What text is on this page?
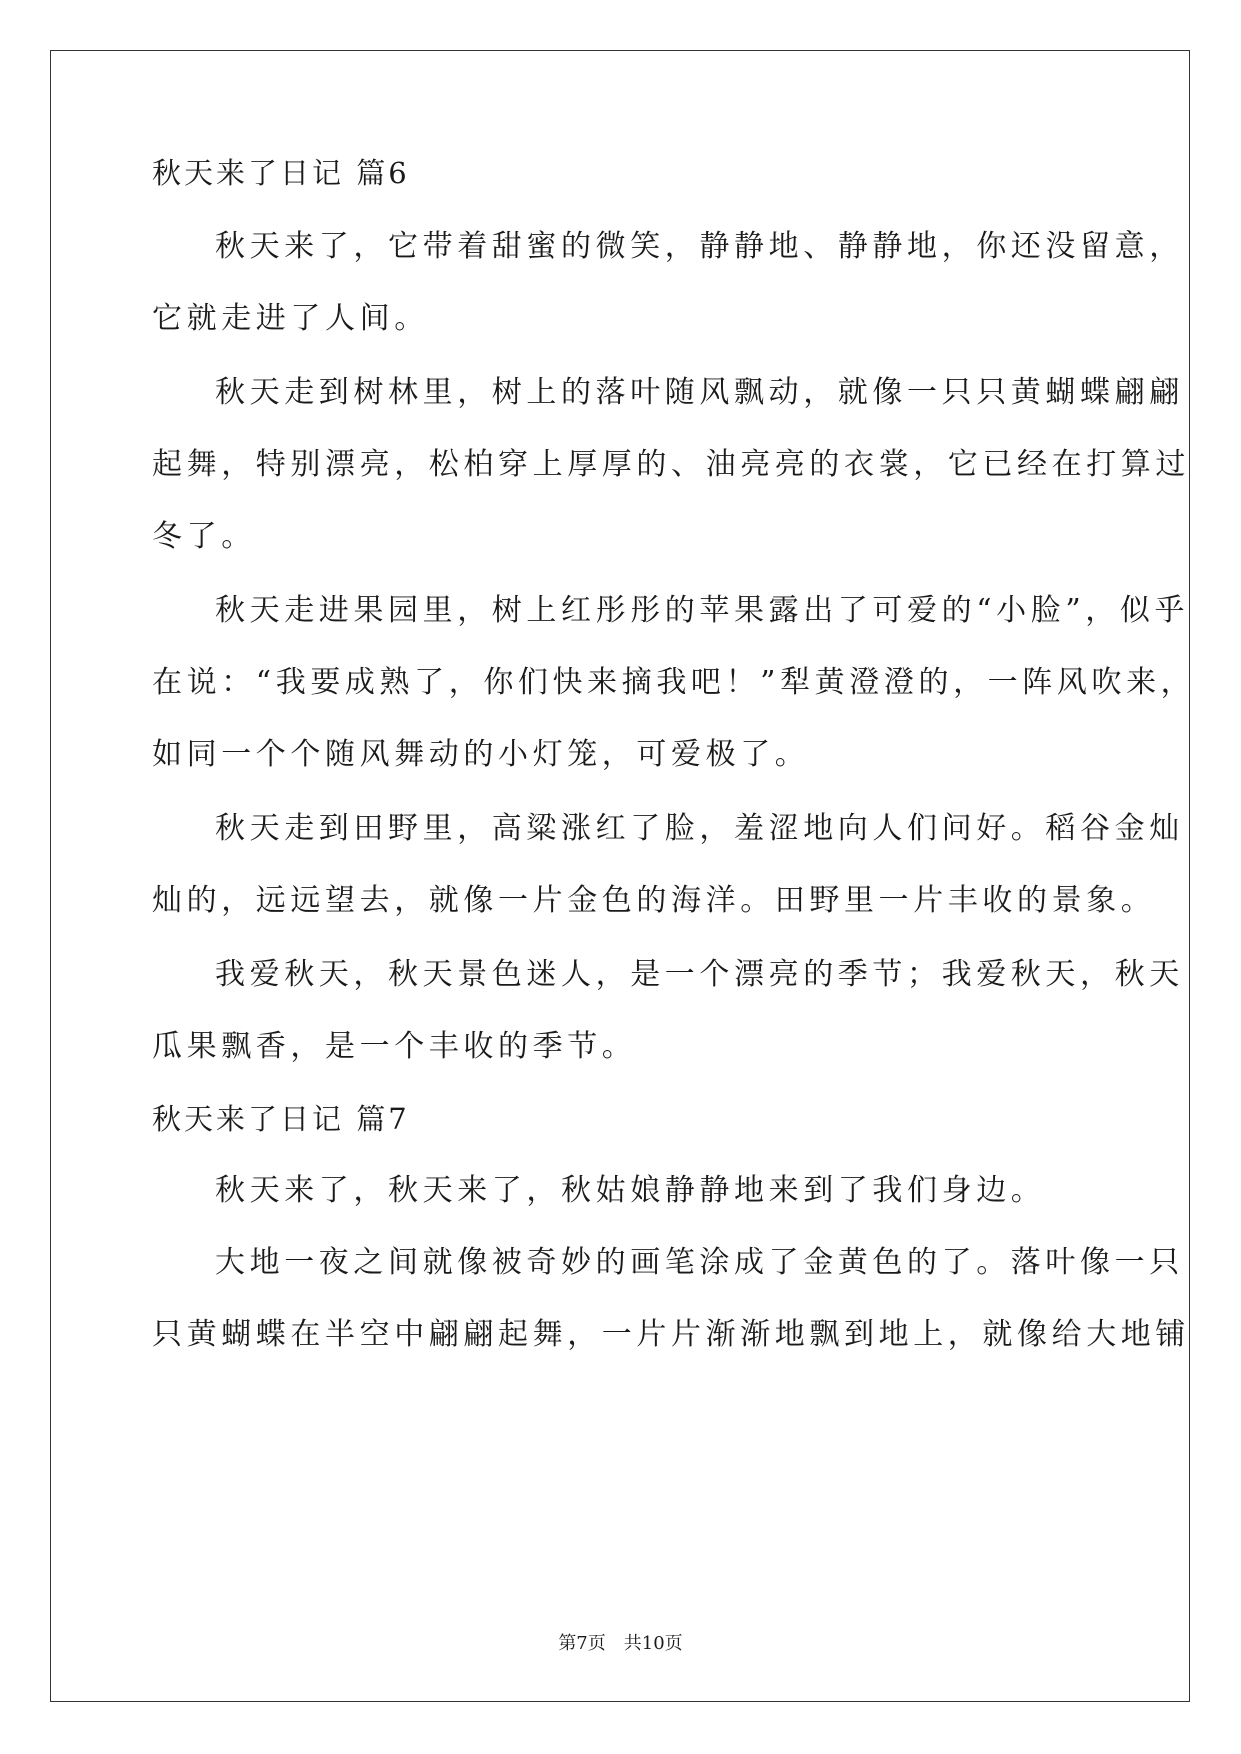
秋天来了日记 篇6
秋天来了，它带着甜蜜的微笑，静静地、静静地，你还没留意，
它就走进了人间。
秋天走到树林里，树上的落叶随风飘动，就像一只只黄蝴蝶翩翩
起舞，特别漂亮，松柏穿上厚厚的、油亮亮的衣裳，它已经在打算过
冬了。
秋天走进果园里，树上红彤彤的苹果露出了可爱的“小脸”，似乎
在说：“我要成熟了，你们快来摘我吧！”犁黄澄澄的，一阵风吹来，
如同一个个随风舞动的小灯笼，可爱极了。
秋天走到田野里，高粱涨红了脸，羞涩地向人们问好。稻谷金灿
灿的，远远望去，就像一片金色的海洋。田野里一片丰收的景象。
我爱秋天，秋天景色迷人，是一个漂亮的季节；我爱秋天，秋天
瓜果飘香，是一个丰收的季节。
秋天来了日记 篇7
秋天来了，秋天来了，秋姑娘静静地来到了我们身边。
大地一夜之间就像被奇妙的画笔涂成了金黄色的了。落叶像一只
只黄蝴蝶在半空中翩翩起舞，一片片渐渐地飘到地上，就像给大地铺
第7页　共10页
